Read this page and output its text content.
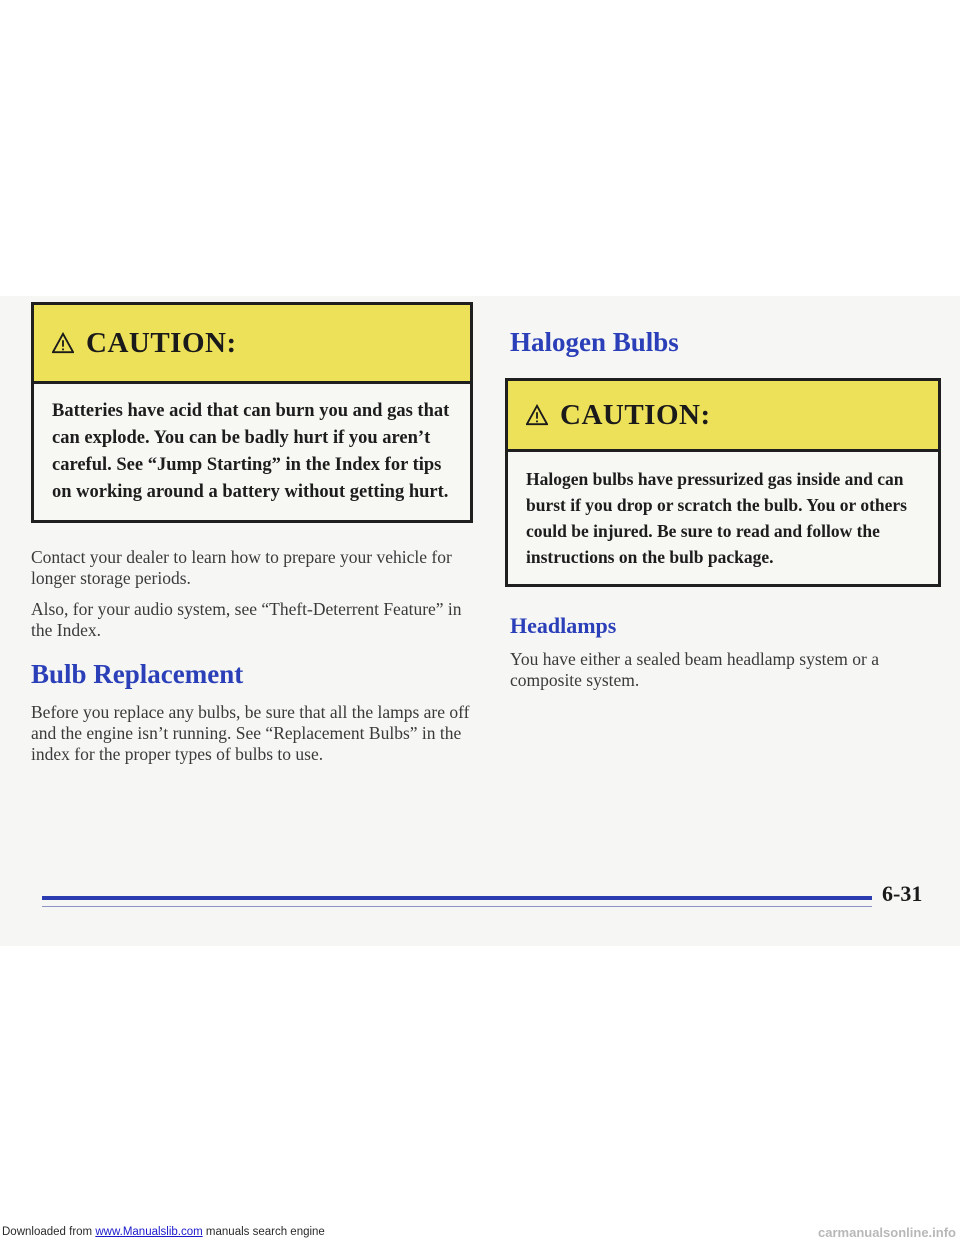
CAUTION:
Batteries have acid that can burn you and gas that can explode. You can be badly hurt if you aren’t careful. See “Jump Starting” in the Index for tips on working around a battery without getting hurt.

Contact your dealer to learn how to prepare your vehicle for longer storage periods.

Also, for your audio system, see “Theft-Deterrent Feature” in the Index.

Bulb Replacement

Before you replace any bulbs, be sure that all the lamps are off and the engine isn’t running. See “Replacement Bulbs” in the index for the proper types of bulbs to use.

Halogen Bulbs
CAUTION:
Halogen bulbs have pressurized gas inside and can burst if you drop or scratch the bulb. You or others could be injured. Be sure to read and follow the instructions on the bulb package.
Headlamps

You have either a sealed beam headlamp system or a composite system.

6-31
Downloaded from www.Manualslib.com manuals search engine	carmanualsonline.info
